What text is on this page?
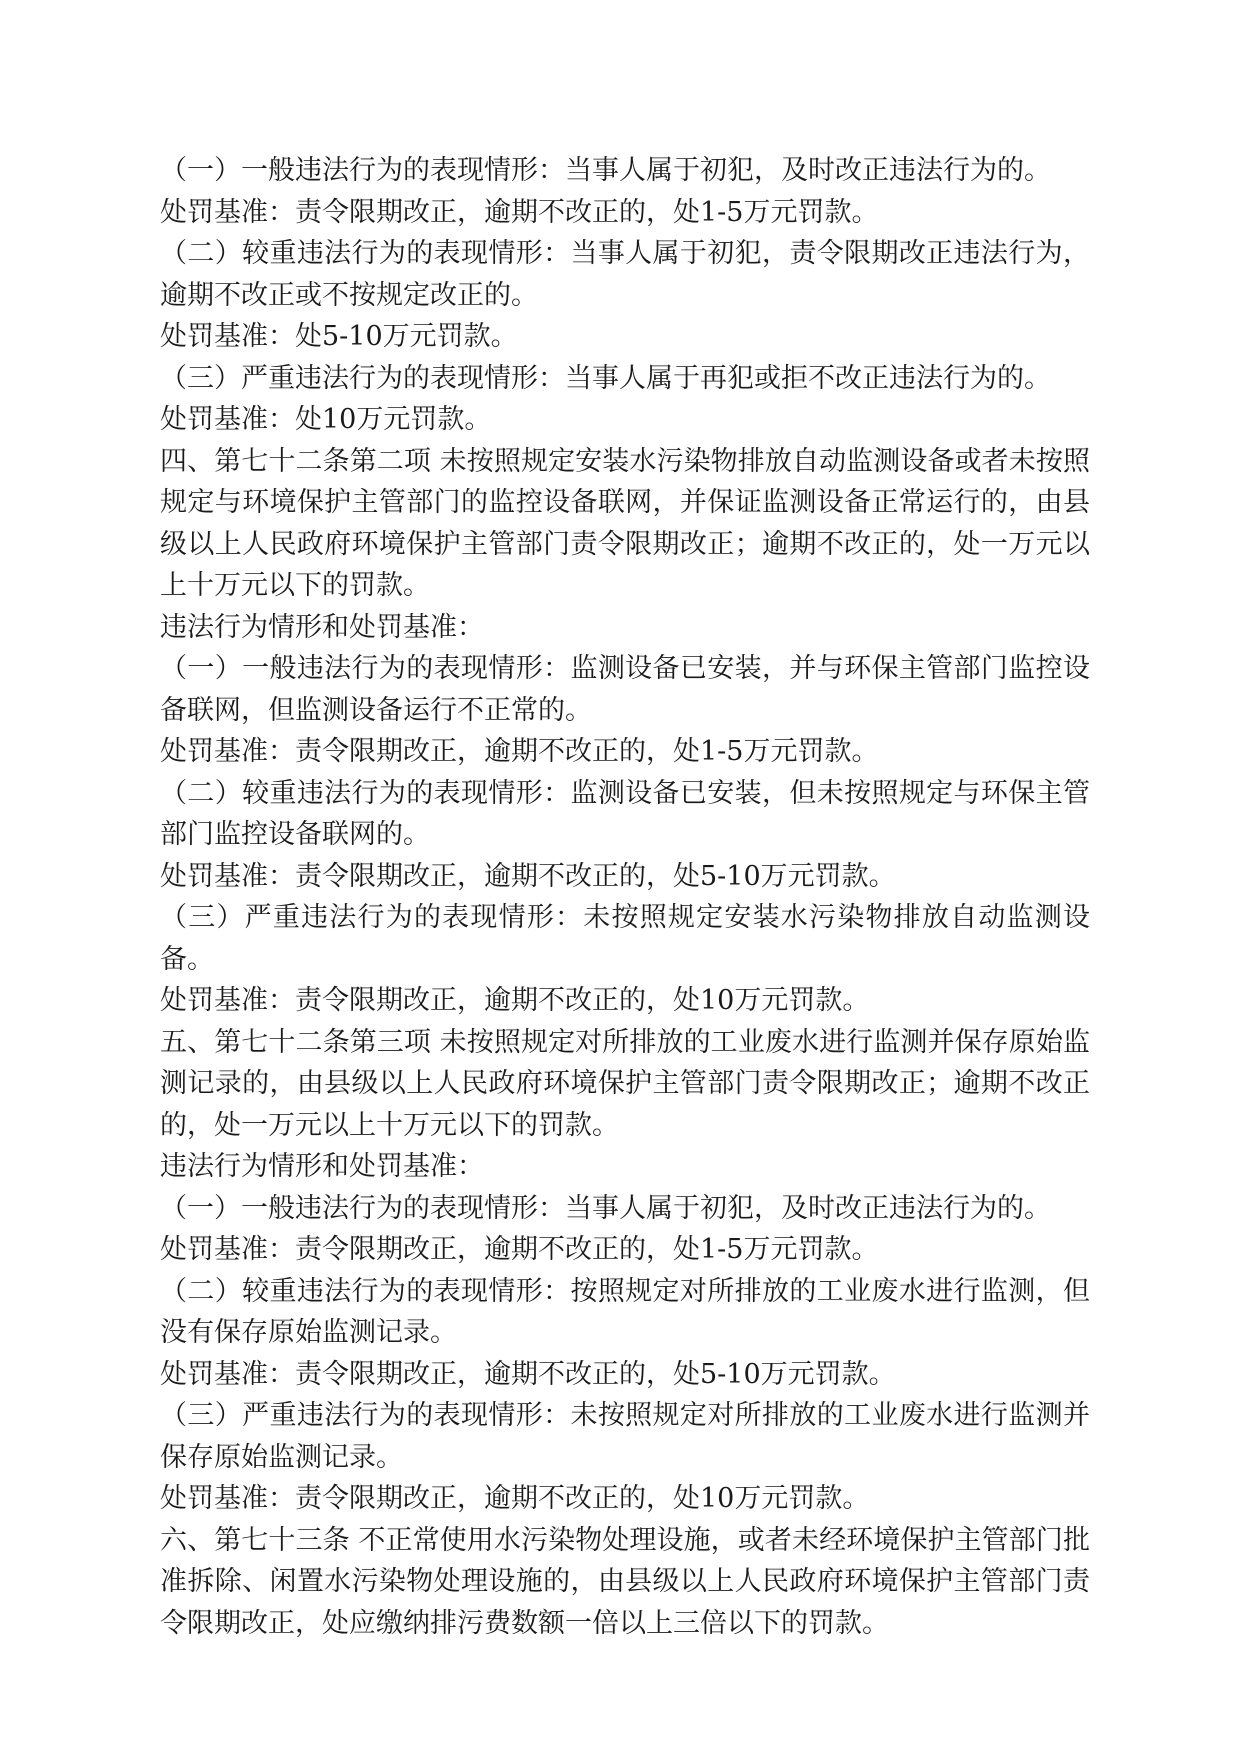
（一）一般违法行为的表现情形：当事人属于初犯，及时改正违法行为的。

处罚基准：责令限期改正，逾期不改正的，处1-5万元罚款。

（二）较重违法行为的表现情形：当事人属于初犯，责令限期改正违法行为，逾期不改正或不按规定改正的。

处罚基准：处5-10万元罚款。

（三）严重违法行为的表现情形：当事人属于再犯或拒不改正违法行为的。

处罚基准：处10万元罚款。

四、第七十二条第二项 未按照规定安装水污染物排放自动监测设备或者未按照规定与环境保护主管部门的监控设备联网，并保证监测设备正常运行的，由县级以上人民政府环境保护主管部门责令限期改正；逾期不改正的，处一万元以上十万元以下的罚款。

违法行为情形和处罚基准：

（一）一般违法行为的表现情形：监测设备已安装，并与环保主管部门监控设备联网，但监测设备运行不正常的。

处罚基准：责令限期改正，逾期不改正的，处1-5万元罚款。

（二）较重违法行为的表现情形：监测设备已安装，但未按照规定与环保主管部门监控设备联网的。

处罚基准：责令限期改正，逾期不改正的，处5-10万元罚款。

（三）严重违法行为的表现情形：未按照规定安装水污染物排放自动监测设备。

处罚基准：责令限期改正，逾期不改正的，处10万元罚款。

五、第七十二条第三项 未按照规定对所排放的工业废水进行监测并保存原始监测记录的，由县级以上人民政府环境保护主管部门责令限期改正；逾期不改正的，处一万元以上十万元以下的罚款。

违法行为情形和处罚基准：

（一）一般违法行为的表现情形：当事人属于初犯，及时改正违法行为的。

处罚基准：责令限期改正，逾期不改正的，处1-5万元罚款。

（二）较重违法行为的表现情形：按照规定对所排放的工业废水进行监测，但没有保存原始监测记录。

处罚基准：责令限期改正，逾期不改正的，处5-10万元罚款。

（三）严重违法行为的表现情形：未按照规定对所排放的工业废水进行监测并保存原始监测记录。

处罚基准：责令限期改正，逾期不改正的，处10万元罚款。

六、第七十三条 不正常使用水污染物处理设施，或者未经环境保护主管部门批准拆除、闲置水污染物处理设施的，由县级以上人民政府环境保护主管部门责令限期改正，处应缴纳排污费数额一倍以上三倍以下的罚款。
